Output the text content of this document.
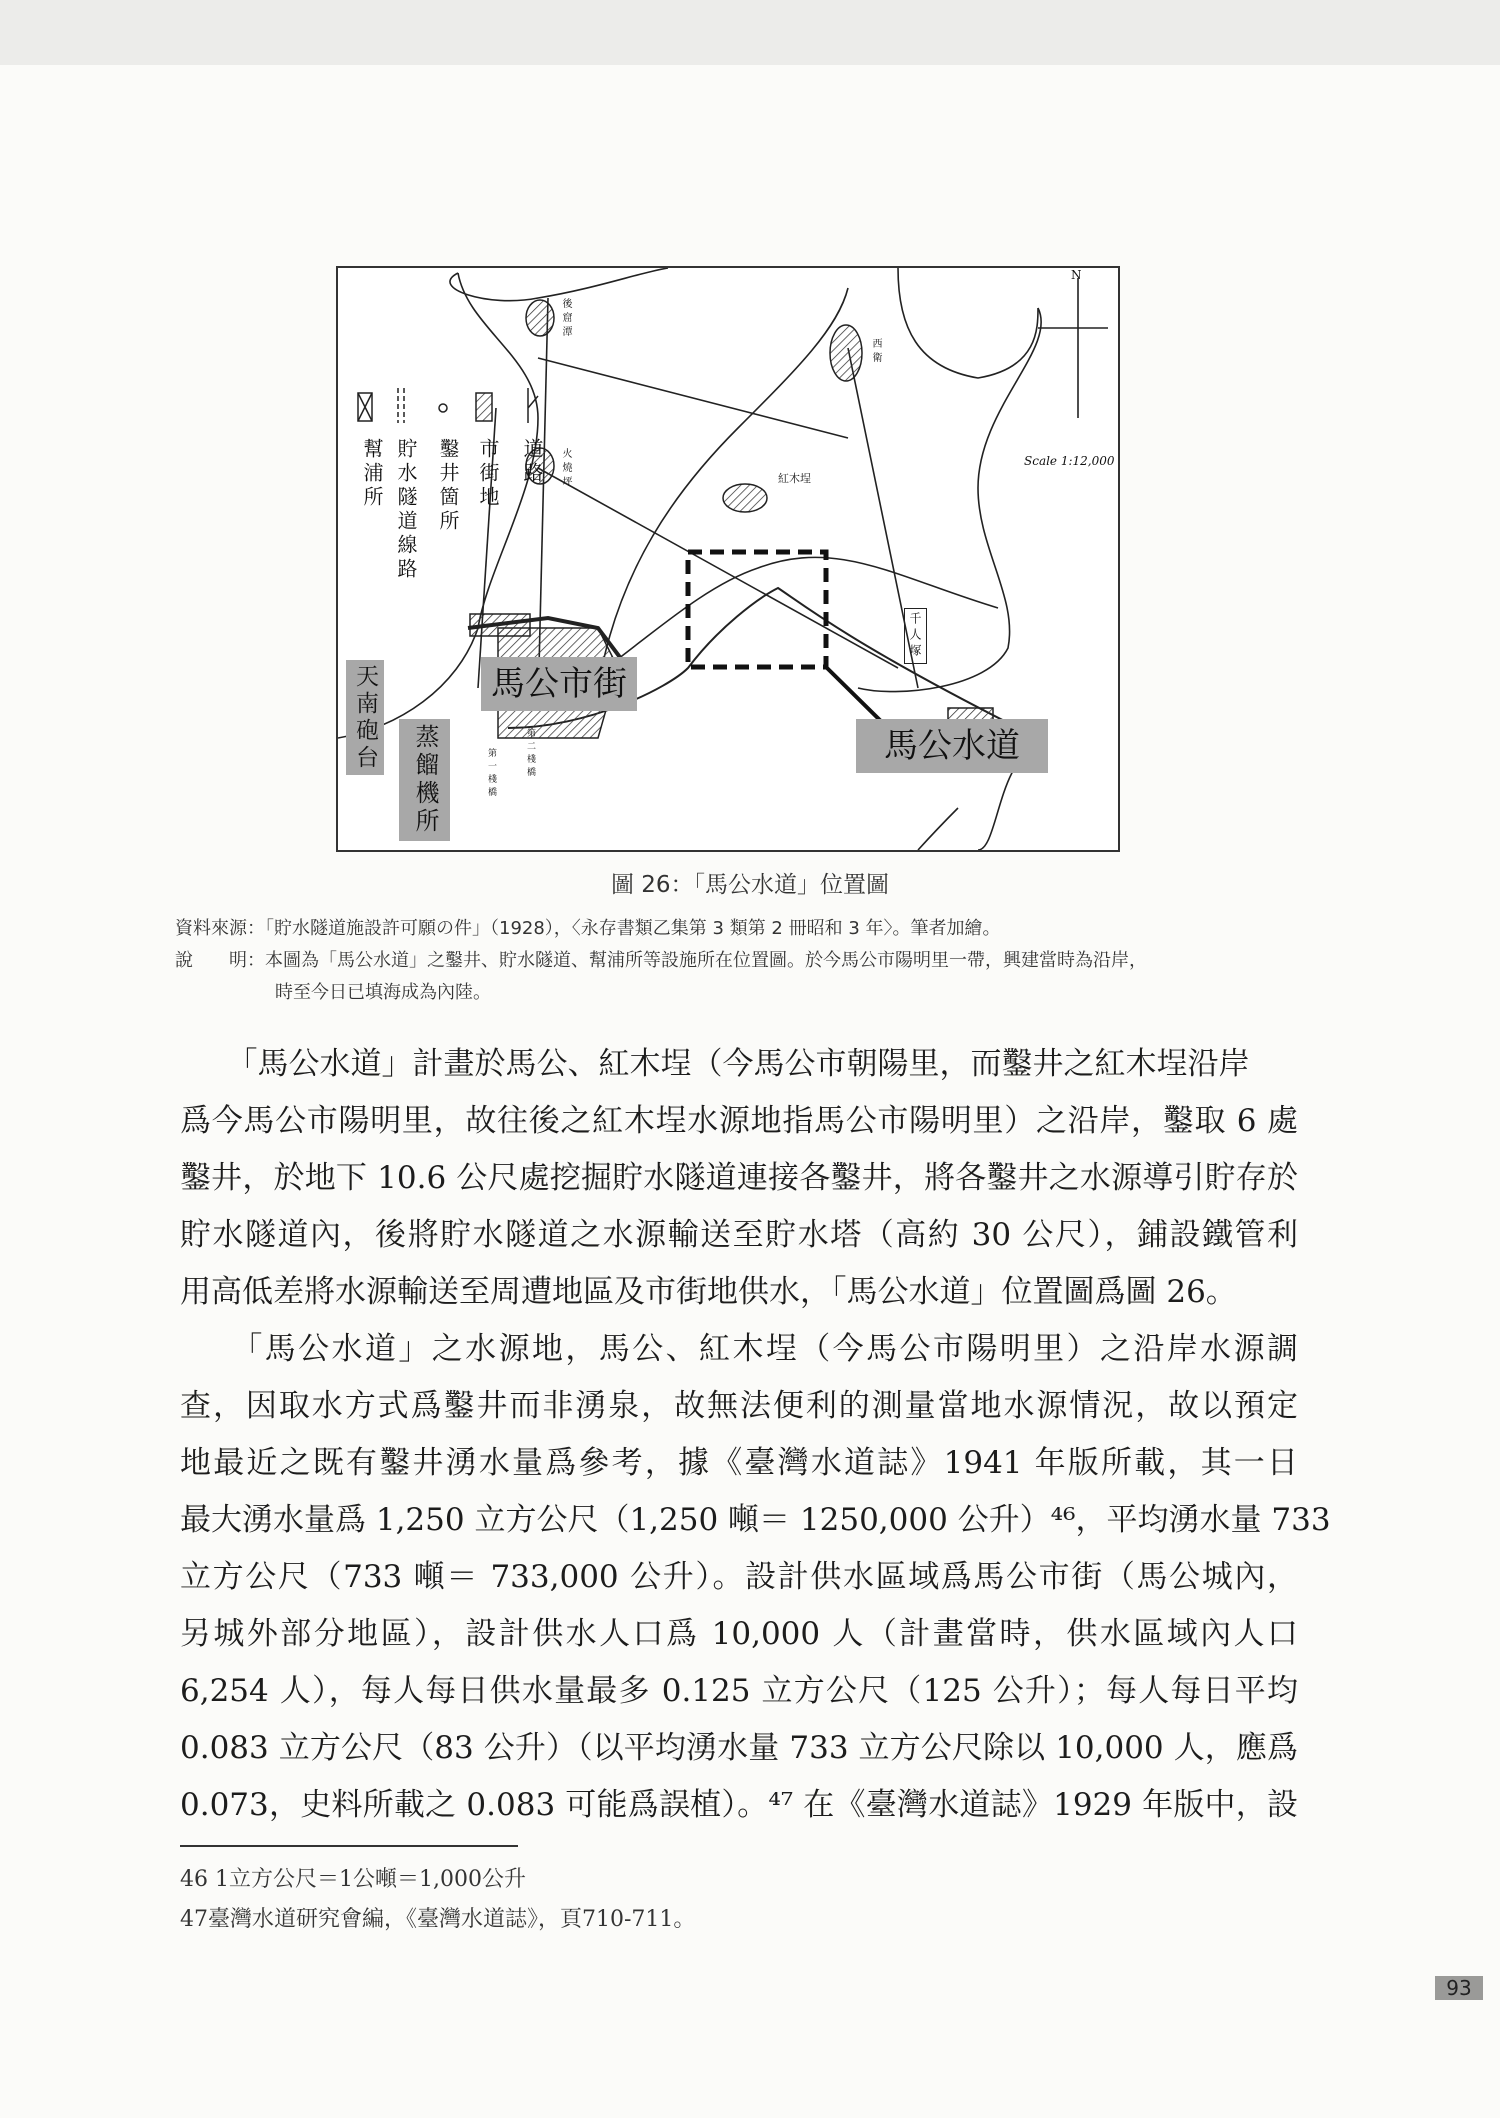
幫浦所 貯水隧道線路 鑿井箇所 市街地 道路
馬公市街
馬公水道
天南砲台
蒸餾機所
紅木埕
西衛
後窟潭
火燒坪
千人塚
第一棧橋	第二棧橋
Scale 1:12,000
N
圖 26：「馬公水道」位置圖
資料來源：「貯水隧道施設許可願の件」（1928），〈永存書類乙集第 3 類第 2 冊昭和 3 年〉。筆者加繪。
說　　明：本圖為「馬公水道」之鑿井、貯水隧道、幫浦所等設施所在位置圖。於今馬公市陽明里一帶，興建當時為沿岸，
時至今日已填海成為內陸。
　　「馬公水道」計畫於馬公、紅木埕（今馬公市朝陽里，而鑿井之紅木埕沿岸
爲今馬公市陽明里，故往後之紅木埕水源地指馬公市陽明里）之沿岸，鑿取 6 處
鑿井，於地下 10.6 公尺處挖掘貯水隧道連接各鑿井，將各鑿井之水源導引貯存於
貯水隧道內，後將貯水隧道之水源輸送至貯水塔（高約 30 公尺），鋪設鐵管利
用高低差將水源輸送至周遭地區及市街地供水，「馬公水道」位置圖爲圖 26。
　　「馬公水道」之水源地，馬公、紅木埕（今馬公市陽明里）之沿岸水源調
查，因取水方式爲鑿井而非湧泉，故無法便利的測量當地水源情況，故以預定
地最近之既有鑿井湧水量爲參考，據《臺灣水道誌》1941 年版所載，其一日
最大湧水量爲 1,250 立方公尺（1,250 噸＝ 1250,000 公升）⁴⁶，平均湧水量 733
立方公尺（733 噸＝ 733,000 公升）。設計供水區域爲馬公市街（馬公城內，
另城外部分地區），設計供水人口爲 10,000 人（計畫當時，供水區域內人口
6,254 人），每人每日供水量最多 0.125 立方公尺（125 公升）；每人每日平均
0.083 立方公尺（83 公升）（以平均湧水量 733 立方公尺除以 10,000 人，應爲
0.073，史料所載之 0.083 可能爲誤植）。⁴⁷ 在《臺灣水道誌》1929 年版中，設
46 1立方公尺＝1公噸＝1,000公升
47臺灣水道研究會編，《臺灣水道誌》，頁710-711。
93
